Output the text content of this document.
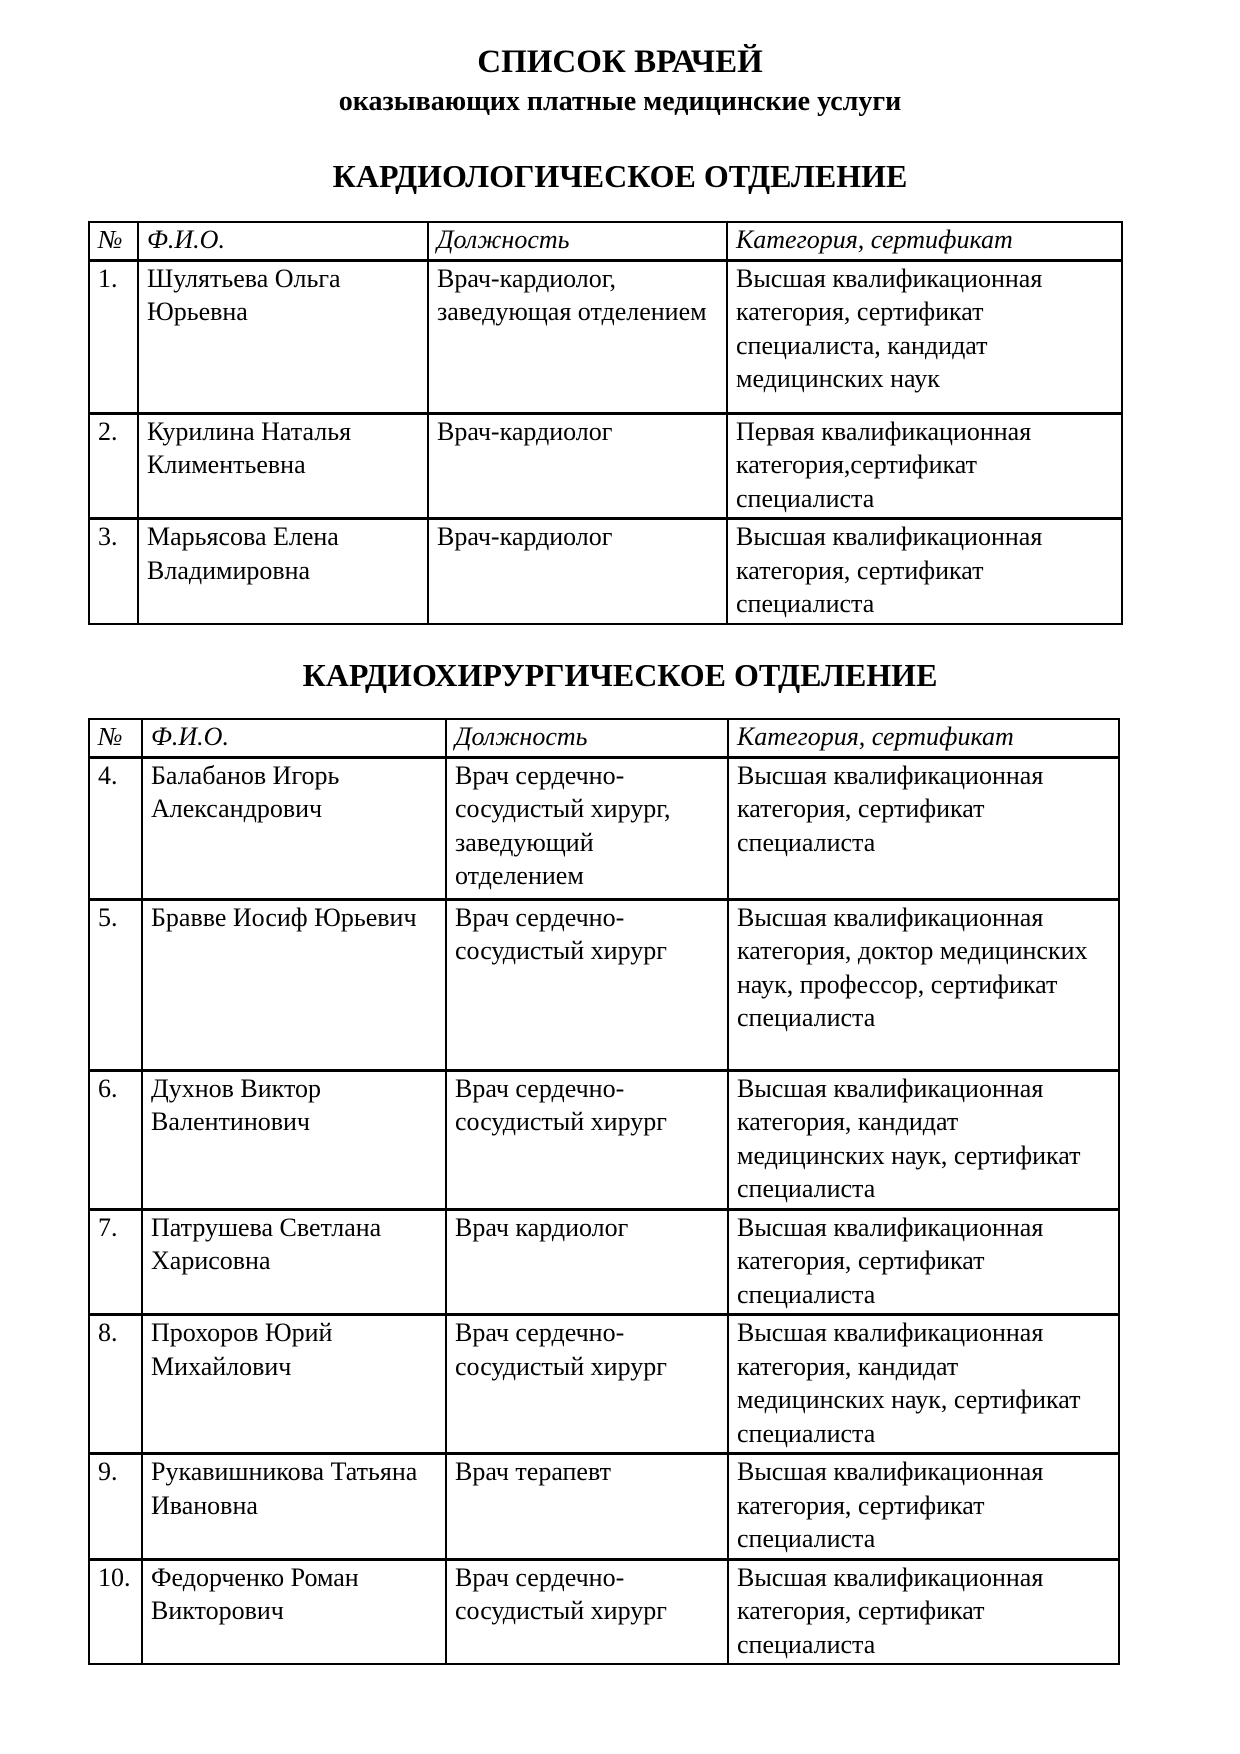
СПИСОК ВРАЧЕЙ
оказывающих платные медицинские услуги
КАРДИОЛОГИЧЕСКОЕ ОТДЕЛЕНИЕ
№	Ф.И.О.	Должность	Категория, сертификат
1.	Шулятьева Ольга Юрьевна	Врач-кардиолог, заведующая отделением	Высшая квалификационная категория, сертификат специалиста, кандидат медицинских наук
2.	Курилина Наталья Климентьевна	Врач-кардиолог	Первая квалификационная категория,сертификат специалиста
3.	Марьясова Елена Владимировна	Врач-кардиолог	Высшая квалификационная категория, сертификат специалиста
КАРДИОХИРУРГИЧЕСКОЕ ОТДЕЛЕНИЕ
№	Ф.И.О.	Должность	Категория, сертификат
4.	Балабанов Игорь Александрович	Врач сердечно-сосудистый хирург, заведующий отделением	Высшая квалификационная категория, сертификат специалиста
5.	Бравве Иосиф Юрьевич	Врач сердечно-сосудистый хирург	Высшая квалификационная категория, доктор медицинских наук, профессор, сертификат специалиста
6.	Духнов Виктор Валентинович	Врач сердечно-сосудистый хирург	Высшая квалификационная категория, кандидат медицинских наук, сертификат специалиста
7.	Патрушева Светлана Харисовна	Врач кардиолог	Высшая квалификационная категория, сертификат специалиста
8.	Прохоров Юрий Михайлович	Врач сердечно-сосудистый хирург	Высшая квалификационная категория, кандидат медицинских наук, сертификат специалиста
9.	Рукавишникова Татьяна Ивановна	Врач терапевт	Высшая квалификационная категория, сертификат специалиста
10.	Федорченко Роман Викторович	Врач сердечно-сосудистый хирург	Высшая квалификационная категория, сертификат специалиста
